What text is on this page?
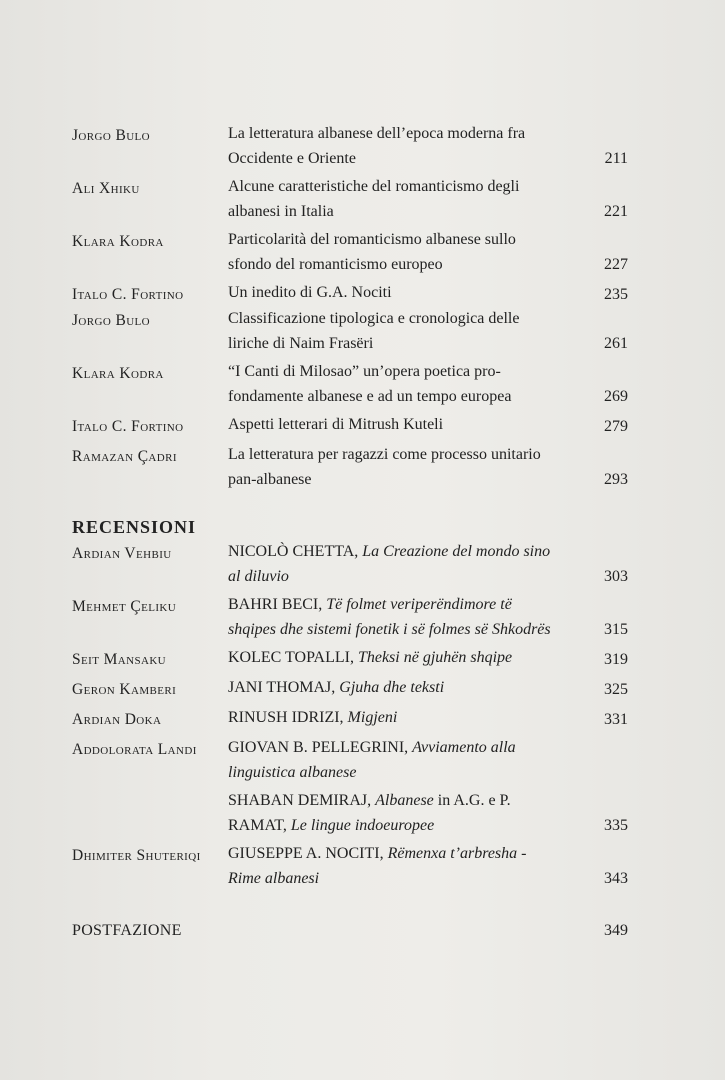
Jorgo Bulo	La letteratura albanese dell’epoca moderna fra Occidente e Oriente	211
Ali Xhiku	Alcune caratteristiche del romanticismo degli albanesi in Italia	221
Klara Kodra	Particolarità del romanticismo albanese sullo sfondo del romanticismo europeo	227
Italo C. Fortino	Un inedito di G.A. Nociti	235
Jorgo Bulo	Classificazione tipologica e cronologica delle liriche di Naim Frasëri	261
Klara Kodra	“I Canti di Milosao” un’opera poetica pro-fondamente albanese e ad un tempo europea	269
Italo C. Fortino	Aspetti letterari di Mitrush Kuteli	279
Ramazan Çadri	La letteratura per ragazzi come processo unitario pan-albanese	293
RECENSIONI
Ardian Vehbiu	NICOLÒ CHETTA, La Creazione del mondo sino al diluvio	303
Mehmet Çeliku	BAHRI BECI, Të folmet veriperëndimore të shqipes dhe sistemi fonetik i së folmes së Shkodrës	315
Seit Mansaku	KOLEC TOPALLI, Theksi në gjuhën shqipe	319
Geron Kamberi	JANI THOMAJ, Gjuha dhe teksti	325
Ardian Doka	RINUSH IDRIZI, Migjeni	331
Addolorata Landi	GIOVAN B. PELLEGRINI, Avviamento alla linguistica albanese
SHABAN DEMIRAJ, Albanese in A.G. e P. RAMAT, Le lingue indoeuropee	335
Dhimiter Shuteriqi	GIUSEPPE A. NOCITI, Rëmenxa t’arbresha - Rime albanesi	343
POSTFAZIONE	349
